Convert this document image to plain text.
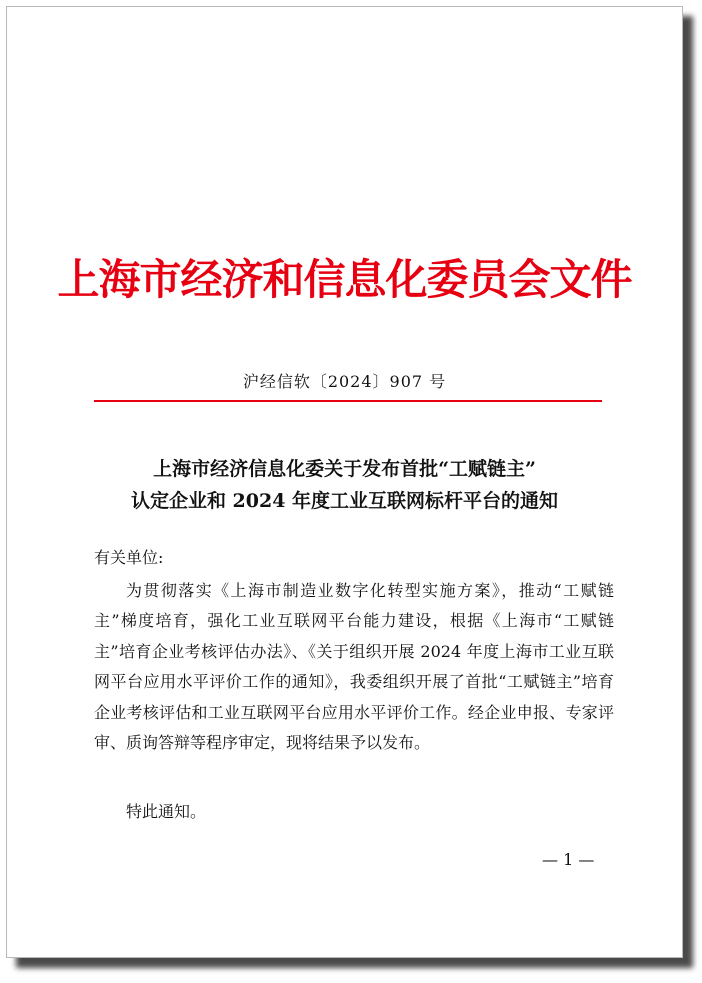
上海市经济和信息化委员会文件
沪经信软〔2024〕907 号
上海市经济信息化委关于发布首批“工赋链主”
认定企业和 2024 年度工业互联网标杆平台的通知
有关单位:

为贯彻落实《上海市制造业数字化转型实施方案》，推动“工赋链主”梯度培育，强化工业互联网平台能力建设，根据《上海市“工赋链主”培育企业考核评估办法》、《关于组织开展 2024 年度上海市工业互联网平台应用水平评价工作的通知》，我委组织开展了首批“工赋链主”培育企业考核评估和工业互联网平台应用水平评价工作。经企业申报、专家评审、质询答辩等程序审定，现将结果予以发布。

特此通知。
— 1 —
